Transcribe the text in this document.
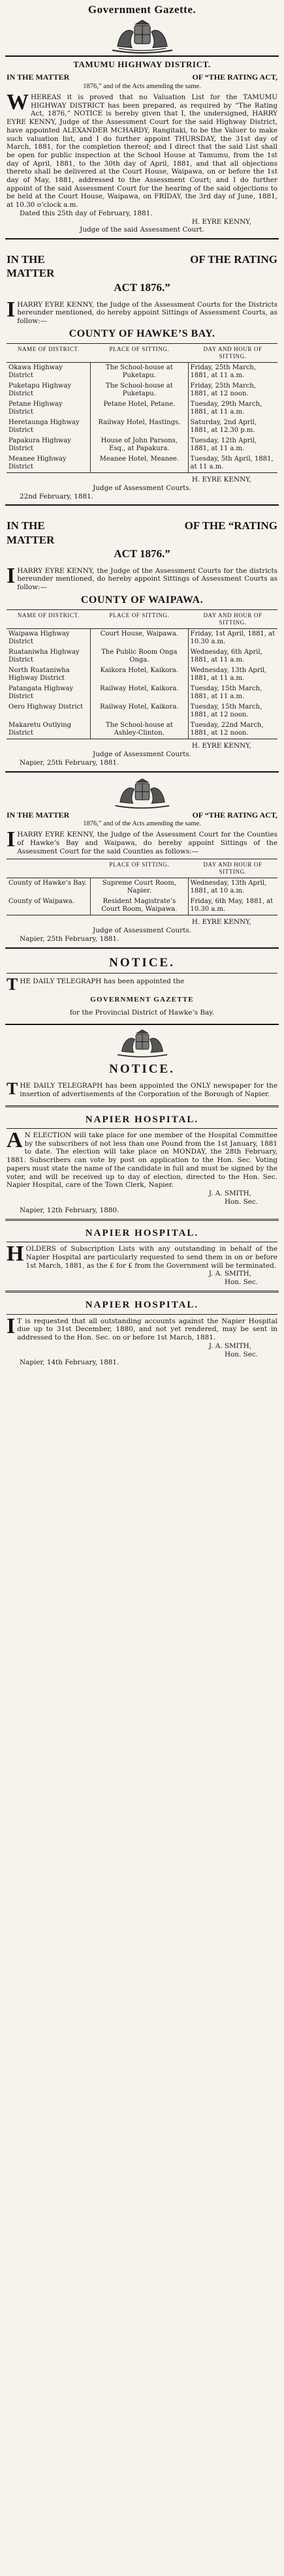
Government Gazette.
TAMUMU HIGHWAY DISTRICT.
IN THE MATTER	OF “THE RATING ACT,
1876,” and of the Acts amending the same.
W HEREAS it is proved that no Valuation List for the TAMUMU HIGHWAY DISTRICT has been prepared, as required by “The Rating Act, 1876,” NOTICE is hereby given that I, the undersigned, HARRY EYRE KENNY, Judge of the Assessment Court for the said Highway District, have appointed ALEXANDER MCHARDY, Rangitaki, to be the Valuer to make such valuation list, and I do further appoint THURSDAY, the 31st day of March, 1881, for the completion thereof; and I direct that the said List shall be open for public inspection at the School House at Tamumu, from the 1st day of April, 1881, to the 30th day of April, 1881, and that all objections thereto shall be delivered at the Court House, Waipawa, on or before the 1st day of May, 1881, addressed to the Assessment Court; and I do further appoint of the said Assessment Court for the hearing of the said objections to be held at the Court House, Waipawa, on FRIDAY, the 3rd day of June, 1881, at 10.30 o’clock a.m.
Dated this 25th day of February, 1881.
H. EYRE KENNY,
Judge of the said Assessment Court.
IN THE MATTER
OF THE RATING
ACT 1876.”
I HARRY EYRE KENNY, the Judge of the Assessment Courts for the Districts hereunder mentioned, do hereby appoint Sittings of Assessment Courts, as follow:—
COUNTY OF HAWKE’S BAY.
NAME OF DISTRICT.	PLACE OF SITTING.	DAY AND HOUR OF SITTING.
Okawa Highway District	The School-house at Puketapu.	Friday, 25th March, 1881, at 11 a.m.
Puketapu Highway District	The School-house at Puketapu.	Friday, 25th March, 1881, at 12 noon.
Petane Highway District	Petane Hotel, Petane.	Tuesday, 29th March, 1881, at 11 a.m.
Heretaunga Highway District	Railway Hotel, Hastings.	Saturday, 2nd April, 1881, at 12.30 p.m.
Papakura Highway District	House of John Parsons, Esq., at Papakura.	Tuesday, 12th April, 1881, at 11 a.m.
Meanee Highway District	Meanee Hotel, Meanee.	Tuesday, 5th April, 1881, at 11 a.m.
H. EYRE KENNY,
Judge of Assessment Courts.
22nd February, 1881.
IN THE MATTER
OF THE “RATING
ACT 1876.”
I HARRY EYRE KENNY, the Judge of the Assessment Courts for the districts hereunder mentioned, do hereby appoint Sittings of Assessment Courts as follow:—
COUNTY OF WAIPAWA.
NAME OF DISTRICT.	PLACE OF SITTING.	DAY AND HOUR OF SITTING.
Waipawa Highway District	Court House, Waipawa.	Friday, 1st April, 1881, at 10.30 a.m.
Ruataniwha Highway District	The Public Room Onga Onga.	Wednesday, 6th April, 1881, at 11 a.m.
North Ruataniwha Highway District	Kaikora Hotel, Kaikora.	Wednesday, 13th April, 1881, at 11 a.m.
Patangata Highway District	Railway Hotel, Kaikora.	Tuesday, 15th March, 1881, at 11 a.m.
Oero Highway District	Railway Hotel, Kaikora.	Tuesday, 15th March, 1881, at 12 noon.
Makaretu Outlying District	The School-house at Ashley-Clinton.	Tuesday, 22nd March, 1881, at 12 noon.
H. EYRE KENNY,
Judge of Assessment Courts.
Napier, 25th February, 1881.
IN THE MATTER	OF “THE RATING ACT,
1876,” and of the Acts amending the same.
I HARRY EYRE KENNY, the Judge of the Assessment Court for the Counties of Hawke’s Bay and Waipawa, do hereby appoint Sittings of the Assessment Court for the said Counties as follows:—
	PLACE OF SITTING.	DAY AND HOUR OF SITTING.
County of Hawke’s Bay.	Supreme Court Room, Napier.	Wednesday, 13th April, 1881, at 10 a.m.
County of Waipawa.	Resident Magistrate’s Court Room, Waipawa.	Friday, 6th May, 1881, at 10.30 a.m.
H. EYRE KENNY,
Judge of Assessment Courts.
Napier, 25th February, 1881.
NOTICE.
T HE DAILY TELEGRAPH has been appointed the
GOVERNMENT GAZETTE
for the Provincial District of Hawke’s Bay.
NOTICE.
T HE DAILY TELEGRAPH has been appointed the ONLY newspaper for the insertion of advertisements of the Corporation of the Borough of Napier.
NAPIER HOSPITAL.
A N ELECTION will take place for one member of the Hospital Committee by the subscribers of not less than one Pound from the 1st January, 1881 to date. The election will take place on MONDAY, the 28th February, 1881. Subscribers can vote by post on application to the Hon. Sec. Voting papers must state the name of the candidate in full and must be signed by the voter, and will be received up to day of election, directed to the Hon. Sec. Napier Hospital, care of the Town Clerk, Napier.
J. A. SMITH,
Hon. Sec.
Napier, 12th February, 1880.
NAPIER HOSPITAL.
H OLDERS of Subscription Lists with any outstanding in behalf of the Napier Hospital are particularly requested to send them in on or before 1st March, 1881, as the £ for £ from the Government will be terminated.
J. A. SMITH,
Hon. Sec.
NAPIER HOSPITAL.
I T is requested that all outstanding accounts against the Napier Hospital due up to 31st December, 1880, and not yet rendered, may be sent in addressed to the Hon. Sec. on or before 1st March, 1881.
J. A. SMITH,
Hon. Sec.
Napier, 14th February, 1881.
